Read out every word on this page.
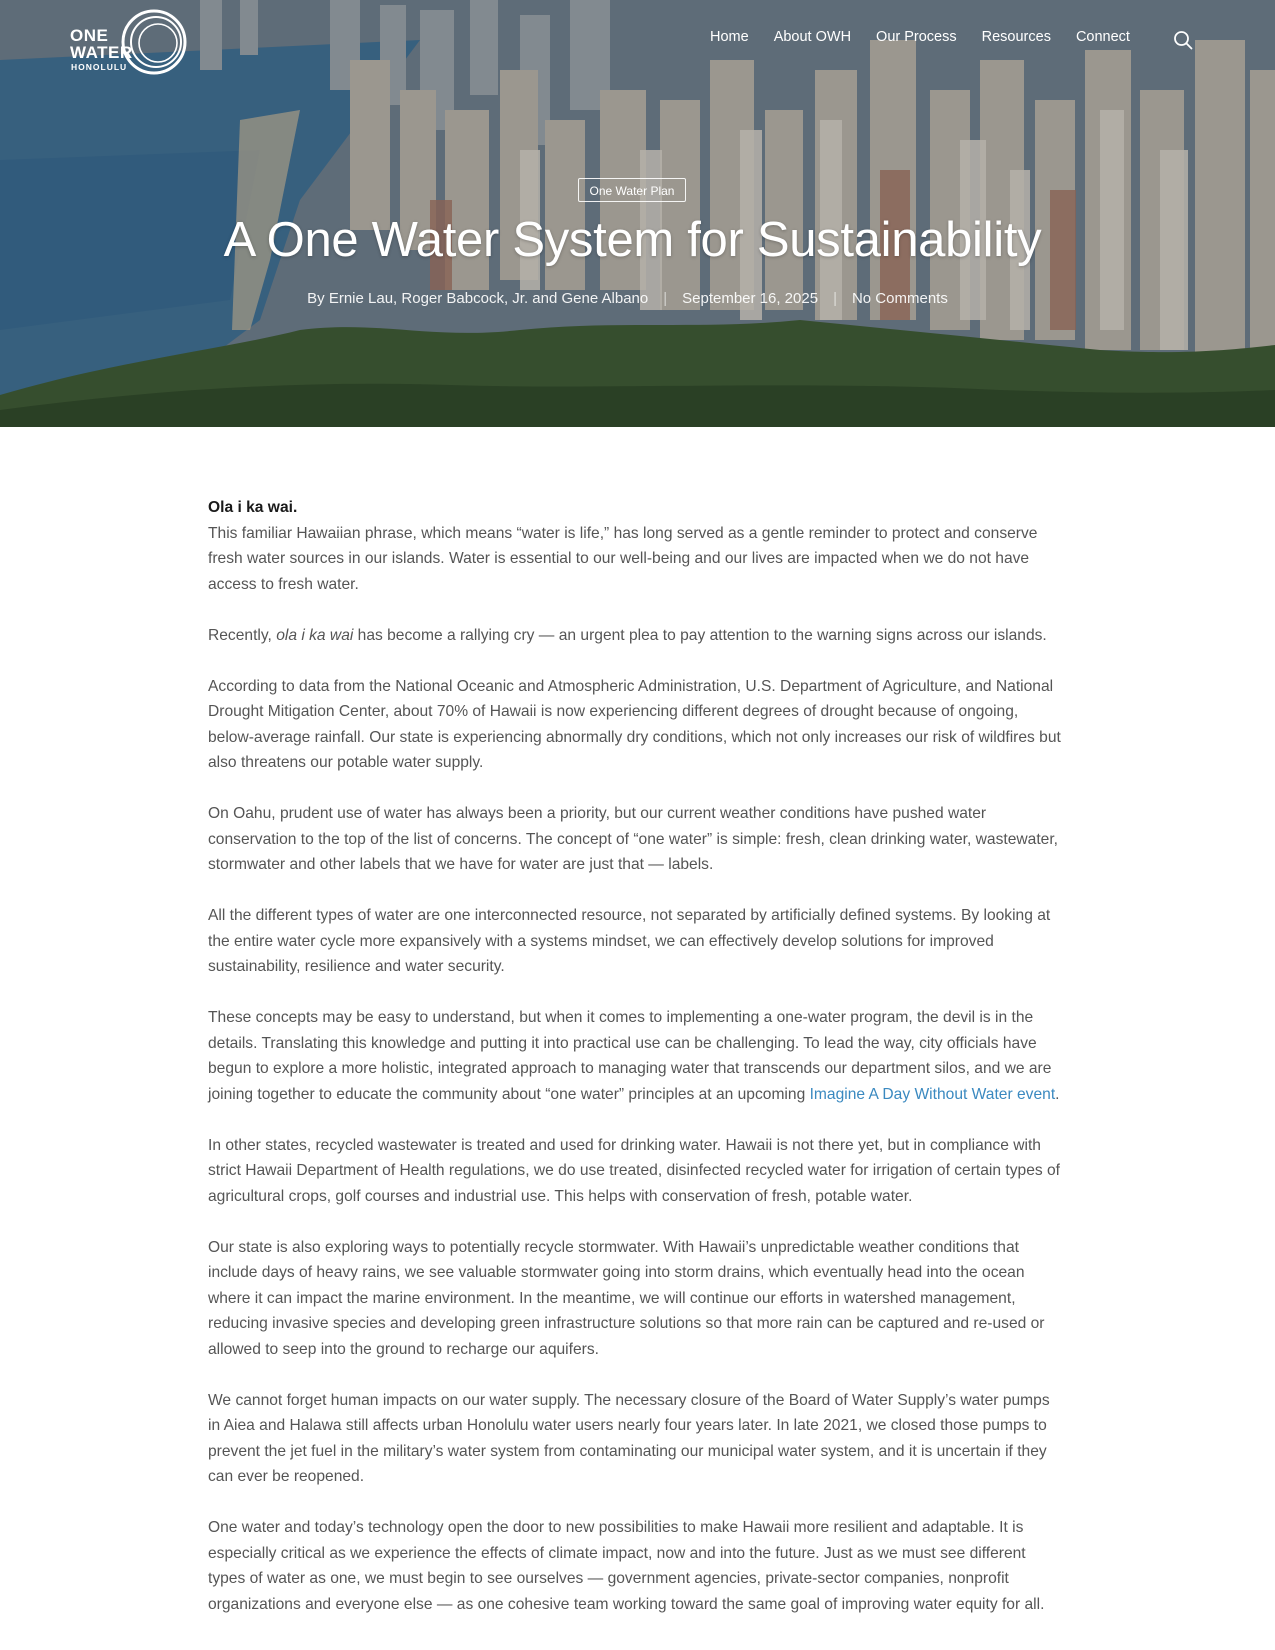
ONE
WATER
HONOLULU
Home About OWH Our Process Resources Connect
One Water Plan
A One Water System for Sustainability
By Ernie Lau, Roger Babcock, Jr. and Gene Albano | September 16, 2025 | No Comments

Ola i ka wai.
This familiar Hawaiian phrase, which means “water is life,” has long served as a gentle reminder to protect and conserve fresh water sources in our islands. Water is essential to our well-being and our lives are impacted when we do not have access to fresh water.

Recently, ola i ka wai has become a rallying cry — an urgent plea to pay attention to the warning signs across our islands.

According to data from the National Oceanic and Atmospheric Administration, U.S. Department of Agriculture, and National Drought Mitigation Center, about 70% of Hawaii is now experiencing different degrees of drought because of ongoing, below-average rainfall. Our state is experiencing abnormally dry conditions, which not only increases our risk of wildfires but also threatens our potable water supply.

On Oahu, prudent use of water has always been a priority, but our current weather conditions have pushed water conservation to the top of the list of concerns. The concept of “one water” is simple: fresh, clean drinking water, wastewater, stormwater and other labels that we have for water are just that — labels.

All the different types of water are one interconnected resource, not separated by artificially defined systems. By looking at the entire water cycle more expansively with a systems mindset, we can effectively develop solutions for improved sustainability, resilience and water security.

These concepts may be easy to understand, but when it comes to implementing a one-water program, the devil is in the details. Translating this knowledge and putting it into practical use can be challenging. To lead the way, city officials have begun to explore a more holistic, integrated approach to managing water that transcends our department silos, and we are joining together to educate the community about “one water” principles at an upcoming Imagine A Day Without Water event.

In other states, recycled wastewater is treated and used for drinking water. Hawaii is not there yet, but in compliance with strict Hawaii Department of Health regulations, we do use treated, disinfected recycled water for irrigation of certain types of agricultural crops, golf courses and industrial use. This helps with conservation of fresh, potable water.

Our state is also exploring ways to potentially recycle stormwater. With Hawaii’s unpredictable weather conditions that include days of heavy rains, we see valuable stormwater going into storm drains, which eventually head into the ocean where it can impact the marine environment. In the meantime, we will continue our efforts in watershed management, reducing invasive species and developing green infrastructure solutions so that more rain can be captured and re-used or allowed to seep into the ground to recharge our aquifers.

We cannot forget human impacts on our water supply. The necessary closure of the Board of Water Supply’s water pumps in Aiea and Halawa still affects urban Honolulu water users nearly four years later. In late 2021, we closed those pumps to prevent the jet fuel in the military’s water system from contaminating our municipal water system, and it is uncertain if they can ever be reopened.

One water and today’s technology open the door to new possibilities to make Hawaii more resilient and adaptable. It is especially critical as we experience the effects of climate impact, now and into the future. Just as we must see different types of water as one, we must begin to see ourselves — government agencies, private-sector companies, nonprofit organizations and everyone else — as one cohesive team working toward the same goal of improving water equity for all.
